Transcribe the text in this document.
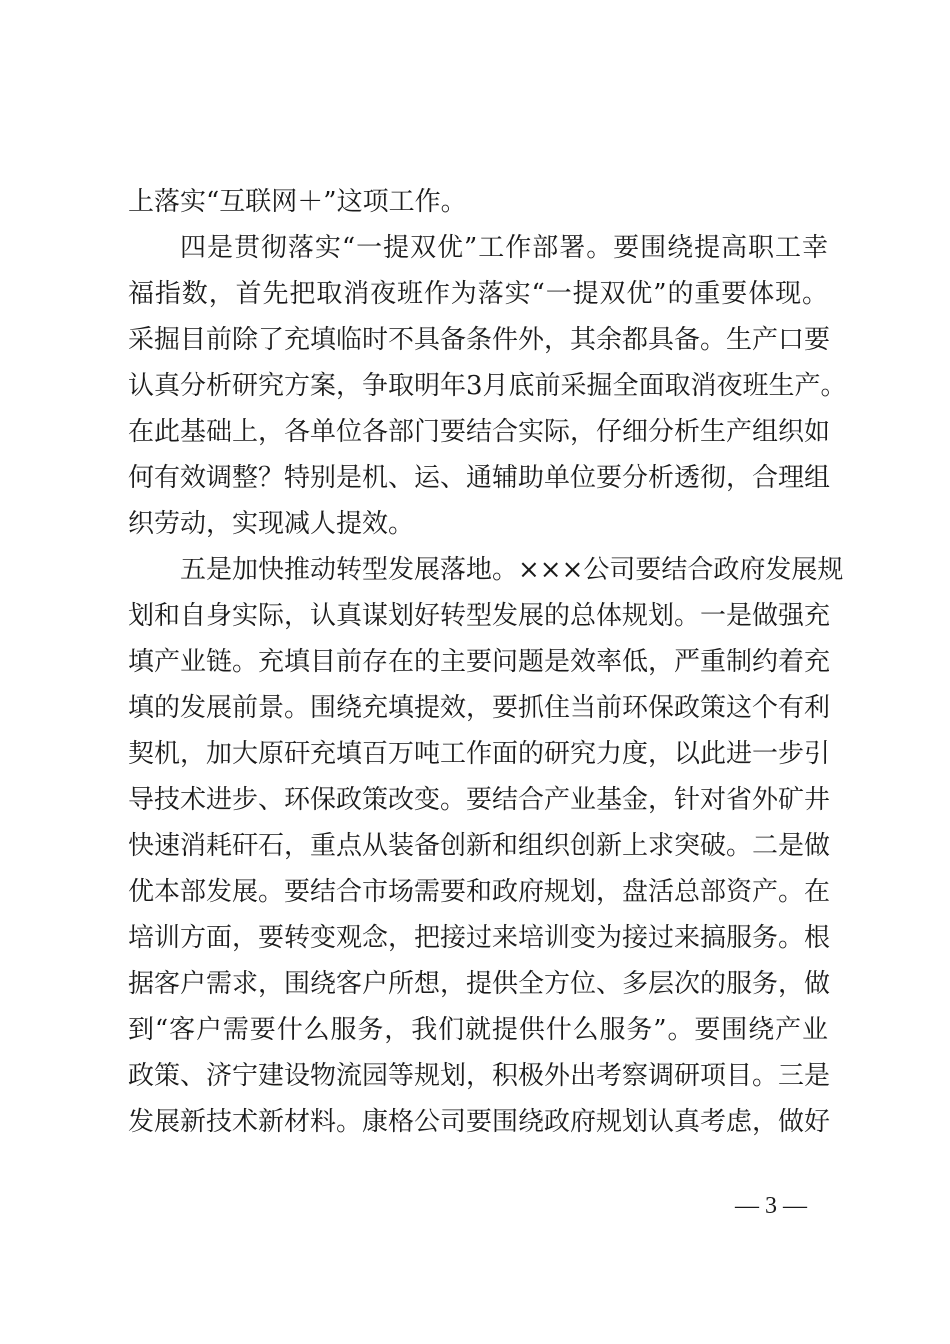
上落实“互联网＋”这项工作。
四是贯彻落实“一提双优”工作部署。要围绕提高职工幸
福指数，首先把取消夜班作为落实“一提双优”的重要体现。
采掘目前除了充填临时不具备条件外，其余都具备。生产口要
认真分析研究方案，争取明年3月底前采掘全面取消夜班生产。
在此基础上，各单位各部门要结合实际，仔细分析生产组织如
何有效调整？特别是机、运、通辅助单位要分析透彻，合理组
织劳动，实现减人提效。
五是加快推动转型发展落地。×××公司要结合政府发展规
划和自身实际，认真谋划好转型发展的总体规划。一是做强充
填产业链。充填目前存在的主要问题是效率低，严重制约着充
填的发展前景。围绕充填提效，要抓住当前环保政策这个有利
契机，加大原矸充填百万吨工作面的研究力度，以此进一步引
导技术进步、环保政策改变。要结合产业基金，针对省外矿井
快速消耗矸石，重点从装备创新和组织创新上求突破。二是做
优本部发展。要结合市场需要和政府规划，盘活总部资产。在
培训方面，要转变观念，把接过来培训变为接过来搞服务。根
据客户需求，围绕客户所想，提供全方位、多层次的服务，做
到“客户需要什么服务，我们就提供什么服务”。要围绕产业
政策、济宁建设物流园等规划，积极外出考察调研项目。三是
发展新技术新材料。康格公司要围绕政府规划认真考虑，做好
— 3 —
